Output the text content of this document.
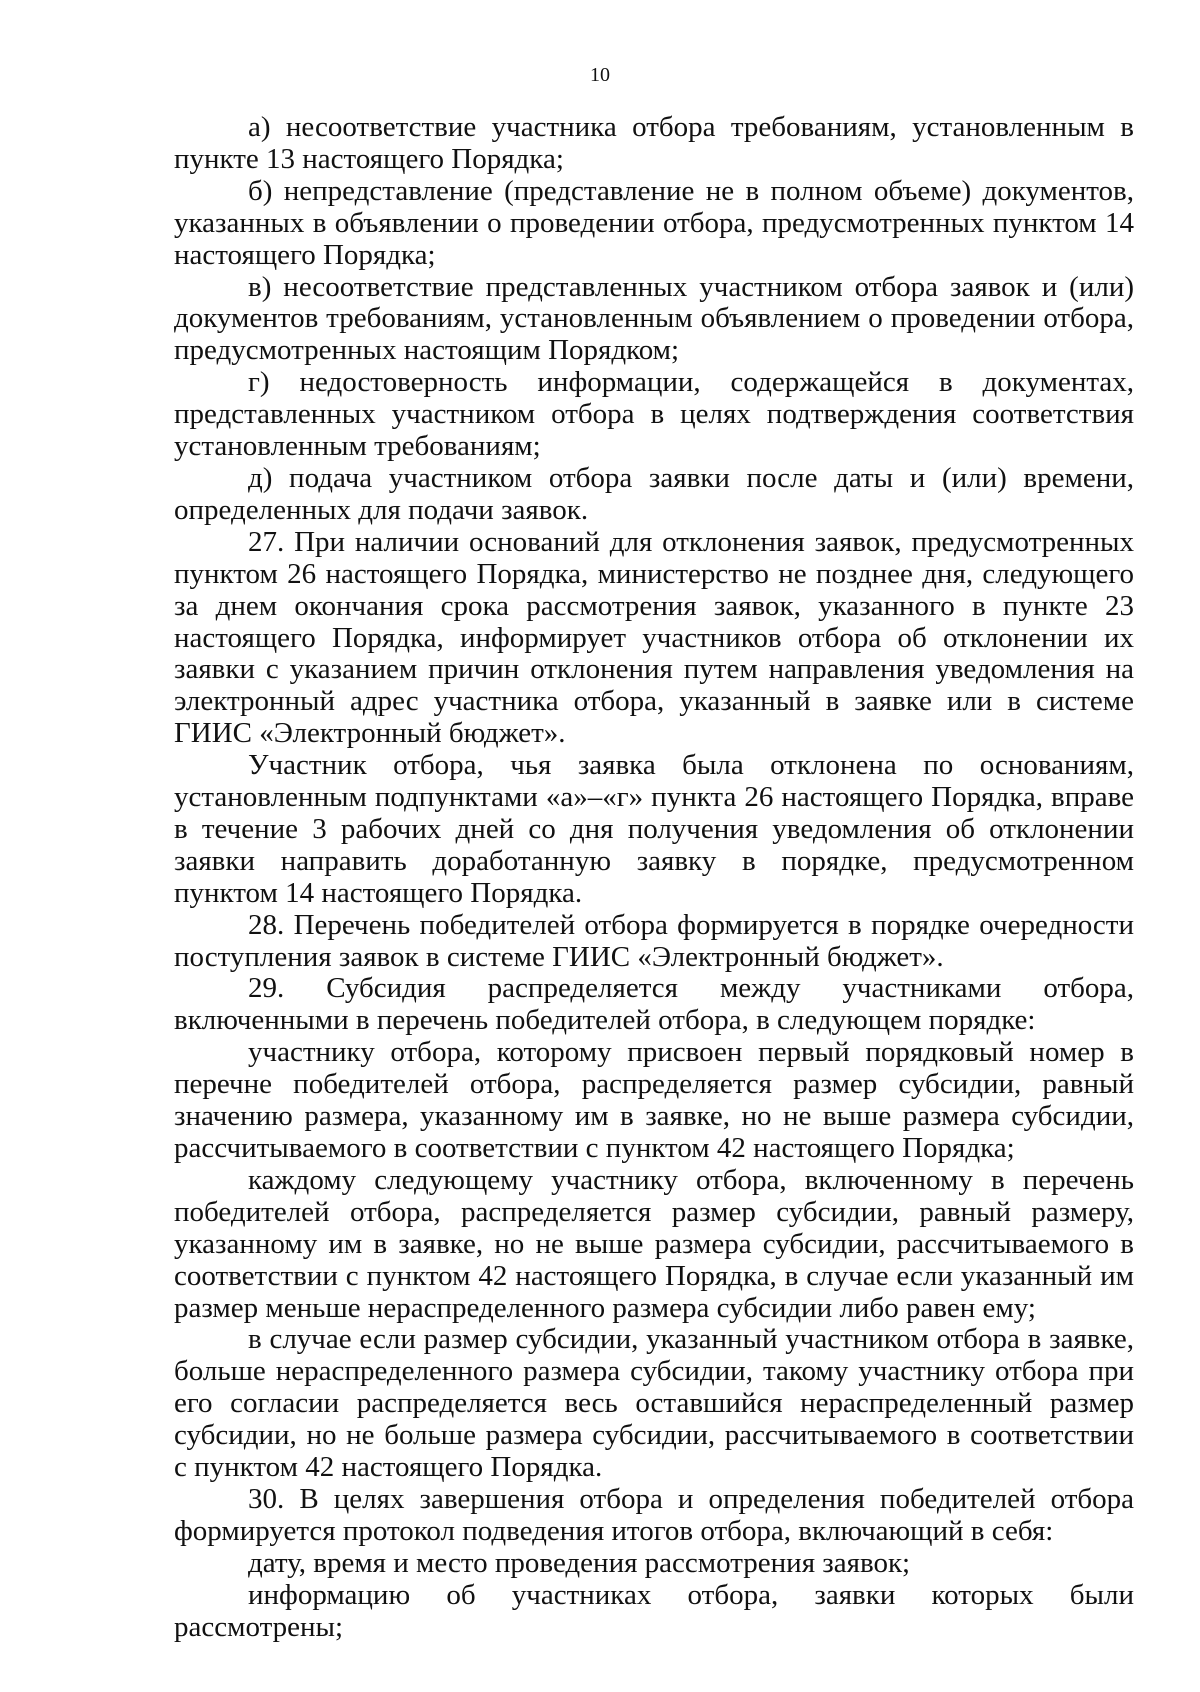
10

а) несоответствие участника отбора требованиям, установленным в пункте 13 настоящего Порядка;

б) непредставление (представление не в полном объеме) документов, указанных в объявлении о проведении отбора, предусмотренных пунктом 14 настоящего Порядка;

в) несоответствие представленных участником отбора заявок и (или) документов требованиям, установленным объявлением о проведении отбора, предусмотренных настоящим Порядком;

г) недостоверность информации, содержащейся в документах, представленных участником отбора в целях подтверждения соответствия установленным требованиям;

д) подача участником отбора заявки после даты и (или) времени, определенных для подачи заявок.

27. При наличии оснований для отклонения заявок, предусмотренных пунктом 26 настоящего Порядка, министерство не позднее дня, следующего за днем окончания срока рассмотрения заявок, указанного в пункте 23 настоящего Порядка, информирует участников отбора об отклонении их заявки с указанием причин отклонения путем направления уведомления на электронный адрес участника отбора, указанный в заявке или в системе ГИИС «Электронный бюджет».

Участник отбора, чья заявка была отклонена по основаниям, установленным подпунктами «а»–«г» пункта 26 настоящего Порядка, вправе в течение 3 рабочих дней со дня получения уведомления об отклонении заявки направить доработанную заявку в порядке, предусмотренном пунктом 14 настоящего Порядка.

28. Перечень победителей отбора формируется в порядке очередности поступления заявок в системе ГИИС «Электронный бюджет».

29. Субсидия распределяется между участниками отбора, включенными в перечень победителей отбора, в следующем порядке:

участнику отбора, которому присвоен первый порядковый номер в перечне победителей отбора, распределяется размер субсидии, равный значению размера, указанному им в заявке, но не выше размера субсидии, рассчитываемого в соответствии с пунктом 42 настоящего Порядка;

каждому следующему участнику отбора, включенному в перечень победителей отбора, распределяется размер субсидии, равный размеру, указанному им в заявке, но не выше размера субсидии, рассчитываемого в соответствии с пунктом 42 настоящего Порядка, в случае если указанный им размер меньше нераспределенного размера субсидии либо равен ему;

в случае если размер субсидии, указанный участником отбора в заявке, больше нераспределенного размера субсидии, такому участнику отбора при его согласии распределяется весь оставшийся нераспределенный размер субсидии, но не больше размера субсидии, рассчитываемого в соответствии с пунктом 42 настоящего Порядка.

30. В целях завершения отбора и определения победителей отбора формируется протокол подведения итогов отбора, включающий в себя:

дату, время и место проведения рассмотрения заявок;

информацию об участниках отбора, заявки которых были рассмотрены;
